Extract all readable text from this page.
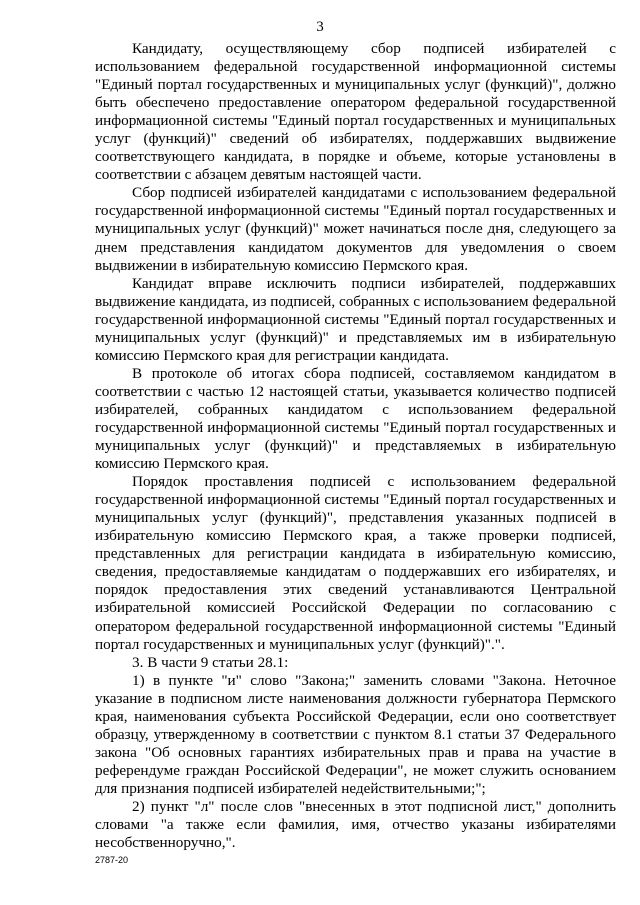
3

Кандидату, осуществляющему сбор подписей избирателей с использованием федеральной государственной информационной системы "Единый портал государственных и муниципальных услуг (функций)", должно быть обеспечено предоставление оператором федеральной государственной информационной системы "Единый портал государственных и муниципальных услуг (функций)" сведений об избирателях, поддержавших выдвижение соответствующего кандидата, в порядке и объеме, которые установлены в соответствии с абзацем девятым настоящей части.

Сбор подписей избирателей кандидатами с использованием федеральной государственной информационной системы "Единый портал государственных и муниципальных услуг (функций)" может начинаться после дня, следующего за днем представления кандидатом документов для уведомления о своем выдвижении в избирательную комиссию Пермского края.

Кандидат вправе исключить подписи избирателей, поддержавших выдвижение кандидата, из подписей, собранных с использованием федеральной государственной информационной системы "Единый портал государственных и муниципальных услуг (функций)" и представляемых им в избирательную комиссию Пермского края для регистрации кандидата.

В протоколе об итогах сбора подписей, составляемом кандидатом в соответствии с частью 12 настоящей статьи, указывается количество подписей избирателей, собранных кандидатом с использованием федеральной государственной информационной системы "Единый портал государственных и муниципальных услуг (функций)" и представляемых в избирательную комиссию Пермского края.

Порядок проставления подписей с использованием федеральной государственной информационной системы "Единый портал государственных и муниципальных услуг (функций)", представления указанных подписей в избирательную комиссию Пермского края, а также проверки подписей, представленных для регистрации кандидата в избирательную комиссию, сведения, предоставляемые кандидатам о поддержавших его избирателях, и порядок предоставления этих сведений устанавливаются Центральной избирательной комиссией Российской Федерации по согласованию с оператором федеральной государственной информационной системы "Единый портал государственных и муниципальных услуг (функций)".".

3. В части 9 статьи 28.1:

1) в пункте "и" слово "Закона;" заменить словами "Закона. Неточное указание в подписном листе наименования должности губернатора Пермского края, наименования субъекта Российской Федерации, если оно соответствует образцу, утвержденному в соответствии с пунктом 8.1 статьи 37 Федерального закона "Об основных гарантиях избирательных прав и права на участие в референдуме граждан Российской Федерации", не может служить основанием для признания подписей избирателей недействительными;";

2) пункт "л" после слов "внесенных в этот подписной лист," дополнить словами "а также если фамилия, имя, отчество указаны избирателями несобственноручно,".

2787-20
